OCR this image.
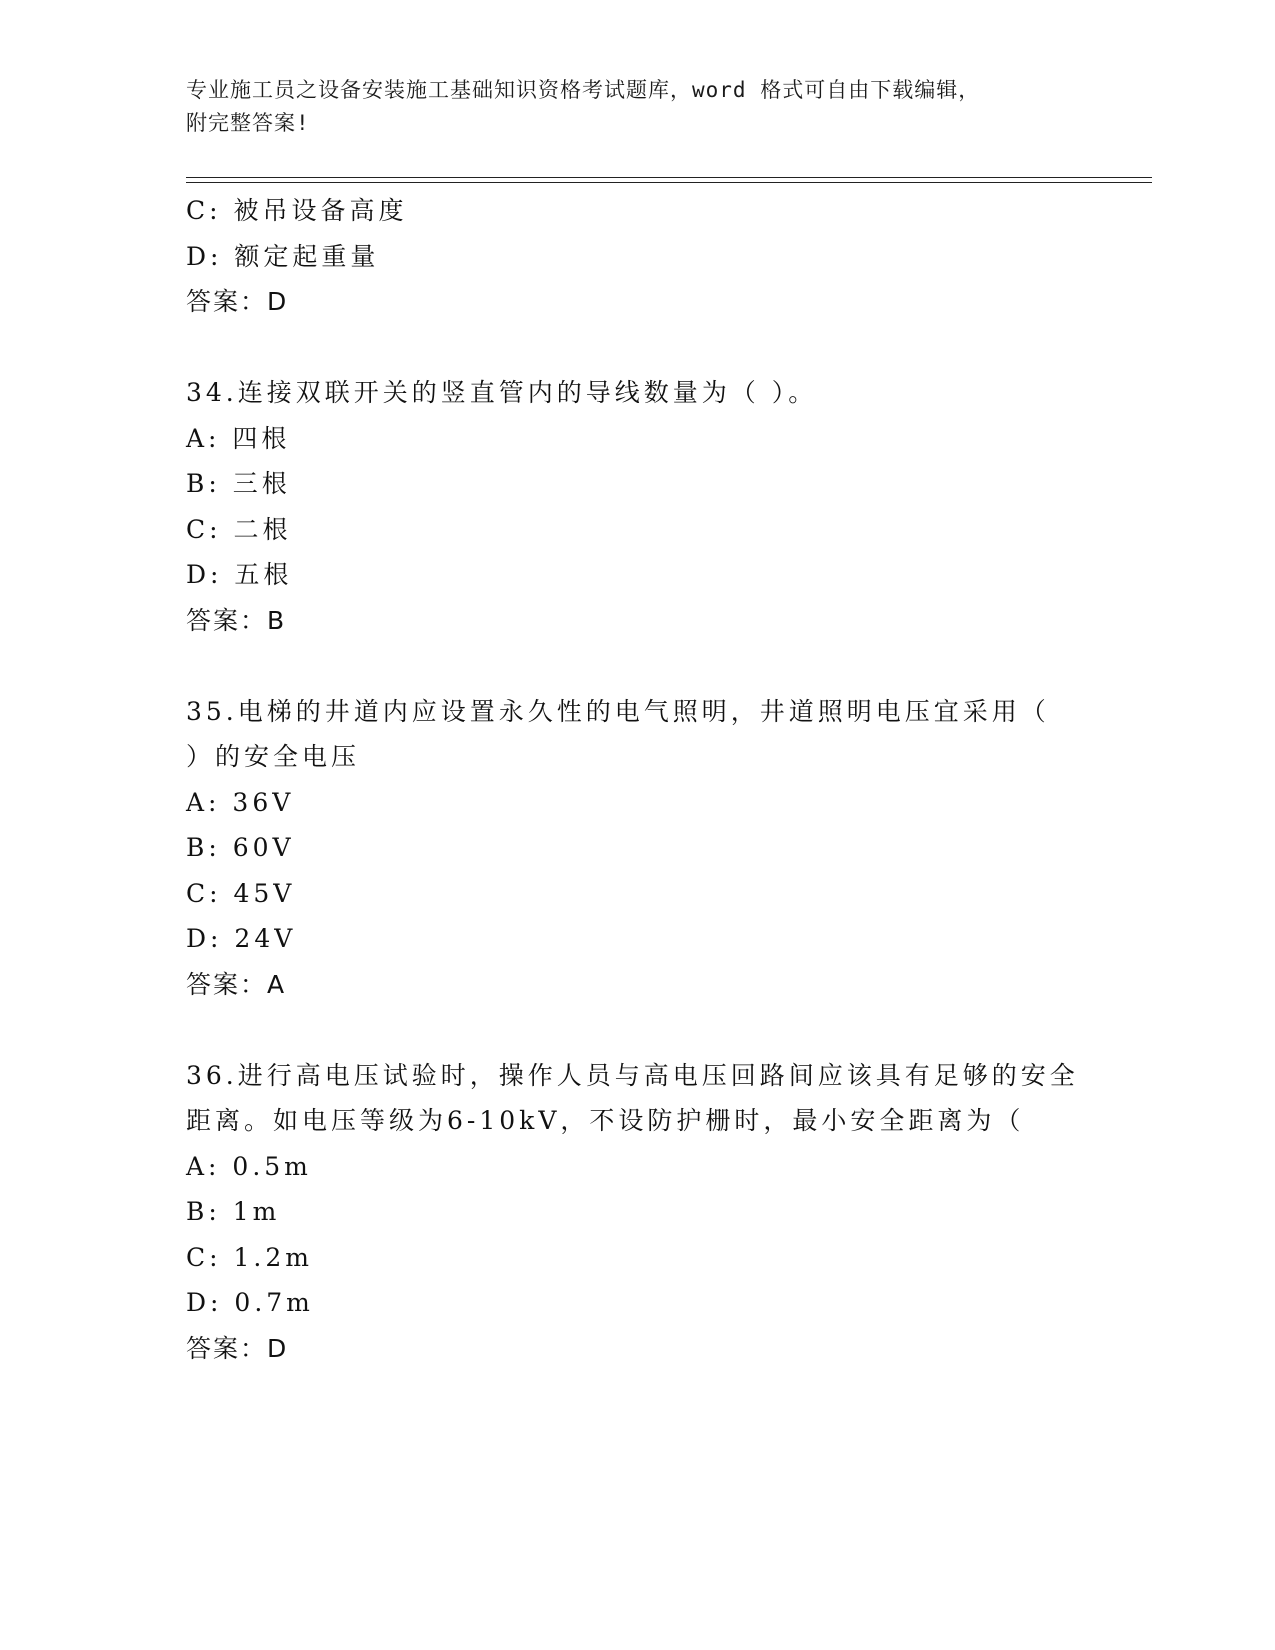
专业施工员之设备安装施工基础知识资格考试题库，word 格式可自由下载编辑，
附完整答案!
C: 被吊设备高度
D: 额定起重量
答案：D
34.连接双联开关的竖直管内的导线数量为（ ）。
A: 四根
B: 三根
C: 二根
D: 五根
答案：B
35.电梯的井道内应设置永久性的电气照明，井道照明电压宜采用（
）的安全电压
A: 36V
B: 60V
C: 45V
D: 24V
答案：A
36.进行高电压试验时，操作人员与高电压回路间应该具有足够的安全
距离。如电压等级为6-10kV，不设防护栅时，最小安全距离为（
A: 0.5m
B: 1m
C: 1.2m
D: 0.7m
答案：D
